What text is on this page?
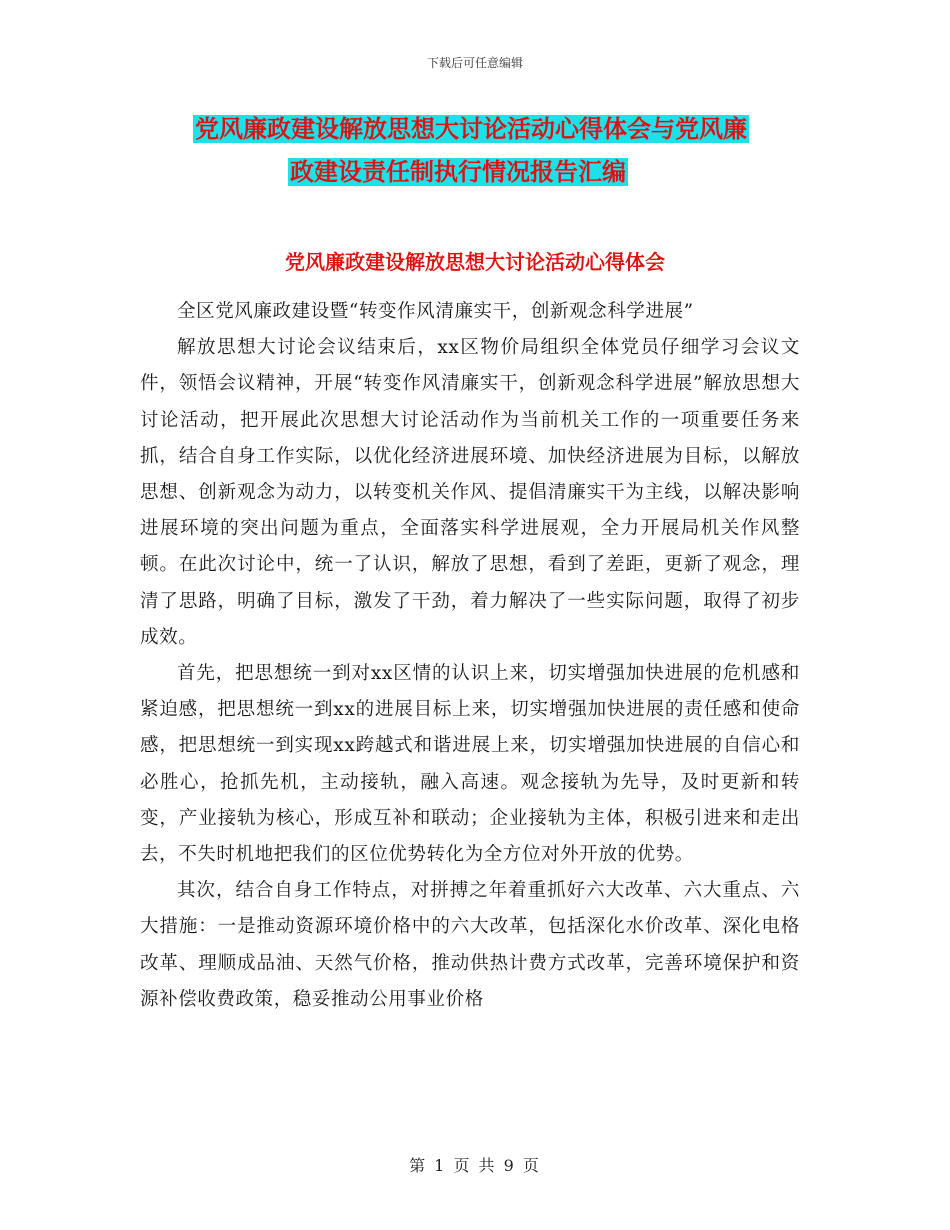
下载后可任意编辑
党风廉政建设解放思想大讨论活动心得体会与党风廉
政建设责任制执行情况报告汇编
党风廉政建设解放思想大讨论活动心得体会

全区党风廉政建设暨“转变作风清廉实干，创新观念科学进展”

解放思想大讨论会议结束后，xx区物价局组织全体党员仔细学习会议文件，领悟会议精神，开展“转变作风清廉实干，创新观念科学进展”解放思想大讨论活动，把开展此次思想大讨论活动作为当前机关工作的一项重要任务来抓，结合自身工作实际，以优化经济进展环境、加快经济进展为目标，以解放思想、创新观念为动力，以转变机关作风、提倡清廉实干为主线，以解决影响进展环境的突出问题为重点，全面落实科学进展观，全力开展局机关作风整顿。在此次讨论中，统一了认识，解放了思想，看到了差距，更新了观念，理清了思路，明确了目标，激发了干劲，着力解决了一些实际问题，取得了初步成效。

首先，把思想统一到对xx区情的认识上来，切实增强加快进展的危机感和紧迫感，把思想统一到xx的进展目标上来，切实增强加快进展的责任感和使命感，把思想统一到实现xx跨越式和谐进展上来，切实增强加快进展的自信心和必胜心，抢抓先机，主动接轨，融入高速。观念接轨为先导，及时更新和转变，产业接轨为核心，形成互补和联动；企业接轨为主体，积极引进来和走出去，不失时机地把我们的区位优势转化为全方位对外开放的优势。

其次，结合自身工作特点，对拼搏之年着重抓好六大改革、六大重点、六大措施：一是推动资源环境价格中的六大改革，包括深化水价改革、深化电格改革、理顺成品油、天然气价格，推动供热计费方式改革，完善环境保护和资源补偿收费政策，稳妥推动公用事业价格

第 1 页 共 9 页
